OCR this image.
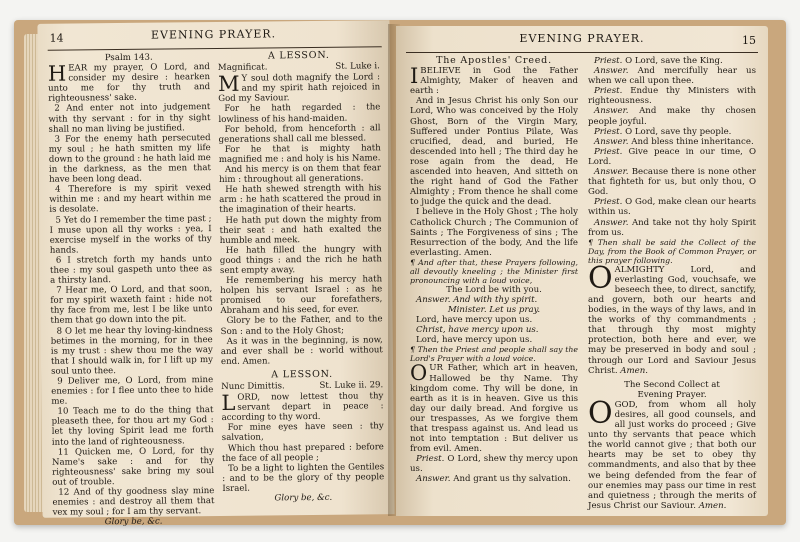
14	EVENING PRAYER.

Psalm 143.

HEAR my prayer, O Lord, and consider my desire : hearken unto me for thy truth and righteousness' sake.

2 And enter not into judgement with thy servant : for in thy sight shall no man living be justified.

3 For the enemy hath persecuted my soul ; he hath smitten my life down to the ground : he hath laid me in the darkness, as the men that have been long dead.

4 Therefore is my spirit vexed within me : and my heart within me is desolate.

5 Yet do I remember the time past ; I muse upon all thy works : yea, I exercise myself in the works of thy hands.

6 I stretch forth my hands unto thee : my soul gaspeth unto thee as a thirsty land.

7 Hear me, O Lord, and that soon, for my spirit waxeth faint : hide not thy face from me, lest I be like unto them that go down into the pit.

8 O let me hear thy loving-kindness betimes in the morning, for in thee is my trust : shew thou me the way that I should walk in, for I lift up my soul unto thee.

9 Deliver me, O Lord, from mine enemies : for I flee unto thee to hide me.

10 Teach me to do the thing that pleaseth thee, for thou art my God : let thy loving Spirit lead me forth into the land of righteousness.

11 Quicken me, O Lord, for thy Name's sake : and for thy righteousness' sake bring my soul out of trouble.

12 And of thy goodness slay mine enemies : and destroy all them that vex my soul ; for I am thy servant.

Glory be, &c.

A LESSON.

Magnificat.	St. Luke i.

M Y soul doth magnify the Lord : and my spirit hath rejoiced in God my Saviour.

For he hath regarded : the lowliness of his hand-maiden.

For behold, from henceforth : all generations shall call me blessed.

For he that is mighty hath magnified me : and holy is his Name.

And his mercy is on them that fear him : throughout all generations.

He hath shewed strength with his arm : he hath scattered the proud in the imagination of their hearts.

He hath put down the mighty from their seat : and hath exalted the humble and meek.

He hath filled the hungry with good things : and the rich he hath sent empty away.

He remembering his mercy hath holpen his servant Israel : as he promised to our forefathers, Abraham and his seed, for ever.

Glory be to the Father, and to the Son : and to the Holy Ghost;

As it was in the beginning, is now, and ever shall be : world without end. Amen.

A LESSON.

Nunc Dimittis.	St. Luke ii. 29.

LORD, now lettest thou thy servant depart in peace : according to thy word.

For mine eyes have seen : thy salvation,

Which thou hast prepared : before the face of all people ;

To be a light to lighten the Gentiles : and to be the glory of thy people Israel.

Glory be, &c.

EVENING PRAYER.	15

The Apostles' Creed.

IBELIEVE in God the Father Almighty, Maker of heaven and earth :

And in Jesus Christ his only Son our Lord, Who was conceived by the Holy Ghost, Born of the Virgin Mary, Suffered under Pontius Pilate, Was crucified, dead, and buried, He descended into hell ; The third day he rose again from the dead, He ascended into heaven, And sitteth on the right hand of God the Father Almighty ; From thence he shall come to judge the quick and the dead.

I believe in the Holy Ghost ; The holy Catholick Church ; The Communion of Saints ; The Forgiveness of sins ; The Resurrection of the body, And the life everlasting. Amen.

¶ And after that, these Prayers following, all devoutly kneeling ; the Minister first pronouncing with a loud voice,

The Lord be with you.

Answer. And with thy spirit.

Minister. Let us pray.

Lord, have mercy upon us.

Christ, have mercy upon us.

Lord, have mercy upon us.

¶ Then the Priest and people shall say the Lord's Prayer with a loud voice.

OUR Father, which art in heaven, Hallowed be thy Name. Thy kingdom come. Thy will be done, in earth as it is in heaven. Give us this day our daily bread. And forgive us our trespasses, As we forgive them that trespass against us. And lead us not into temptation : But deliver us from evil. Amen.

Priest. O Lord, shew thy mercy upon us.

Answer. And grant us thy salvation.

Priest. O Lord, save the King.

Answer. And mercifully hear us when we call upon thee.

Priest. Endue thy Ministers with righteousness.

Answer. And make thy chosen people joyful.

Priest. O Lord, save thy people.

Answer. And bless thine inheritance.

Priest. Give peace in our time, O Lord.

Answer. Because there is none other that fighteth for us, but only thou, O God.

Priest. O God, make clean our hearts within us.

Answer. And take not thy holy Spirit from us.

¶ Then shall be said the Collect of the Day, from the Book of Common Prayer, or this prayer following.

OALMIGHTY Lord, and everlasting God, vouchsafe, we beseech thee, to direct, sanctify, and govern, both our hearts and bodies, in the ways of thy laws, and in the works of thy commandments ; that through thy most mighty protection, both here and ever, we may be preserved in body and soul ; through our Lord and Saviour Jesus Christ. Amen.

The Second Collect at

Evening Prayer.

OGOD, from whom all holy desires, all good counsels, and all just works do proceed ; Give unto thy servants that peace which the world cannot give ; that both our hearts may be set to obey thy commandments, and also that by thee we being defended from the fear of our enemies may pass our time in rest and quietness ; through the merits of Jesus Christ our Saviour. Amen.
